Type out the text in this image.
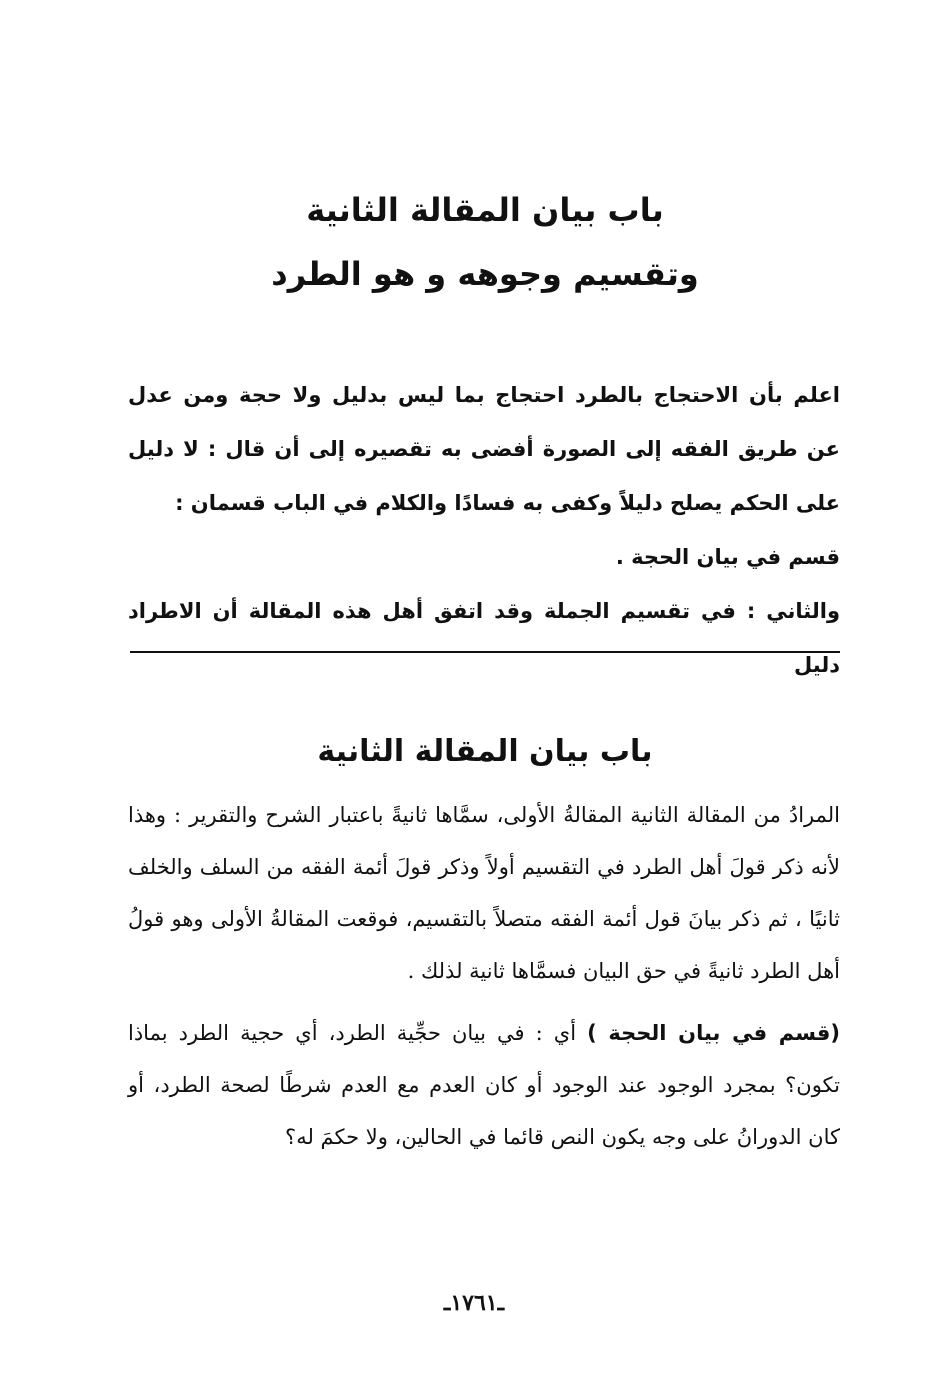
باب بيان المقالة الثانية
وتقسيم وجوهه و هو الطرد

اعلم بأن الاحتجاج بالطرد احتجاج بما ليس بدليل ولا حجة ومن عدل عن طريق الفقه إلى الصورة أفضى به تقصيره إلى أن قال : لا دليل على الحكم يصلح دليلاً وكفى به فسادًا والكلام في الباب قسمان :

قسم في بيان الحجة .

والثاني : في تقسيم الجملة وقد اتفق أهل هذه المقالة أن الاطراد دليل

باب بيان المقالة الثانية

المرادُ من المقالة الثانية المقالةُ الأولى، سمَّاها ثانيةً باعتبار الشرح والتقرير : وهذا لأنه ذكر قولَ أهل الطرد في التقسيم أولاً وذكر قولَ أئمة الفقه من السلف والخلف ثانيًا ، ثم ذكر بيانَ قول أئمة الفقه متصلاً بالتقسيم، فوقعت المقالةُ الأولى وهو قولُ أهل الطرد ثانيةً في حق البيان فسمَّاها ثانية لذلك .

(قسم في بيان الحجة ) أي : في بيان حجِّية الطرد، أي حجية الطرد بماذا تكون؟ بمجرد الوجود عند الوجود أو كان العدم مع العدم شرطًا لصحة الطرد، أو كان الدورانُ على وجه يكون النص قائما في الحالين، ولا حكمَ له؟

ـ١٧٦١ـ
